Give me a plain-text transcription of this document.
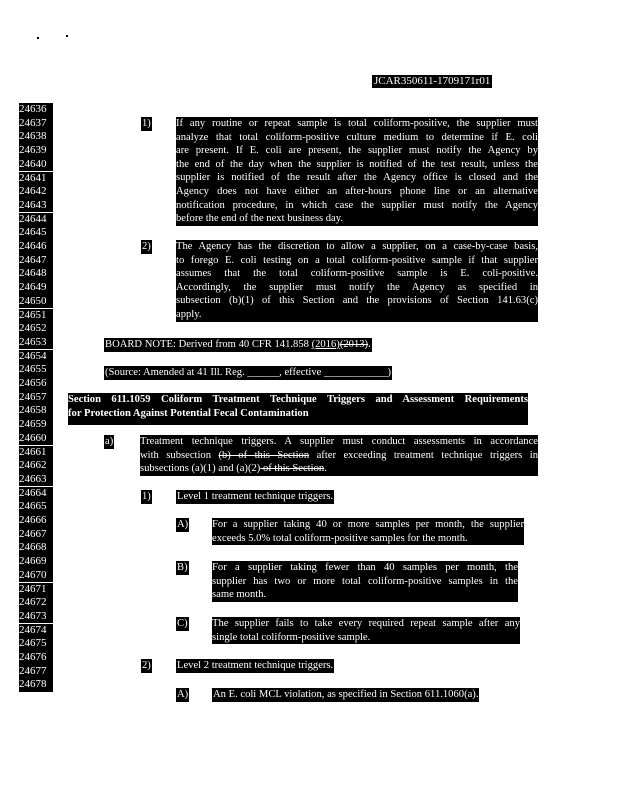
JCAR350611-1709171r01
24636
24637
24638
24639
24640
24641
24642
24643
24644
24645
24646
24647
24648
24649
24650
24651
24652
24653
24654
24655
24656
24657
24658
24659
24660
24661
24662
24663
24664
24665
24666
24667
24668
24669
24670
24671
24672
24673
24674
24675
24676
24677
24678
1) If any routine or repeat sample is total coliform-positive, the supplier must
analyze that total coliform-positive culture medium to determine if E. coli
are present. If E. coli are present, the supplier must notify the Agency by
the end of the day when the supplier is notified of the test result, unless the
supplier is notified of the result after the Agency office is closed and the
Agency does not have either an after-hours phone line or an alternative
notification procedure, in which case the supplier must notify the Agency
before the end of the next business day.
2) The Agency has the discretion to allow a supplier, on a case-by-case basis,
to forego E. coli testing on a total coliform-positive sample if that supplier
assumes that the total coliform-positive sample is E. coli-positive.
Accordingly, the supplier must notify the Agency as specified in
subsection (b)(1) of this Section and the provisions of Section 141.63(c)
apply.
BOARD NOTE: Derived from 40 CFR 141.858 (2016)(2013).
(Source: Amended at 41 Ill. Reg. ______, effective ____________)
Section 611.1059 Coliform Treatment Technique Triggers and Assessment Requirements
for Protection Against Potential Fecal Contamination
a)	Treatment technique triggers. A supplier must conduct assessments in accordance
with subsection (b) of this Section after exceeding treatment technique triggers in
subsections (a)(1) and (a)(2) of this Section.
1) Level 1 treatment technique triggers.
A) For a supplier taking 40 or more samples per month, the supplier
exceeds 5.0% total coliform-positive samples for the month.
B) For a supplier taking fewer than 40 samples per month, the
supplier has two or more total coliform-positive samples in the
same month.
C) The supplier fails to take every required repeat sample after any
single total coliform-positive sample.
2) Level 2 treatment technique triggers.
A) An E. coli MCL violation, as specified in Section 611.1060(a).
